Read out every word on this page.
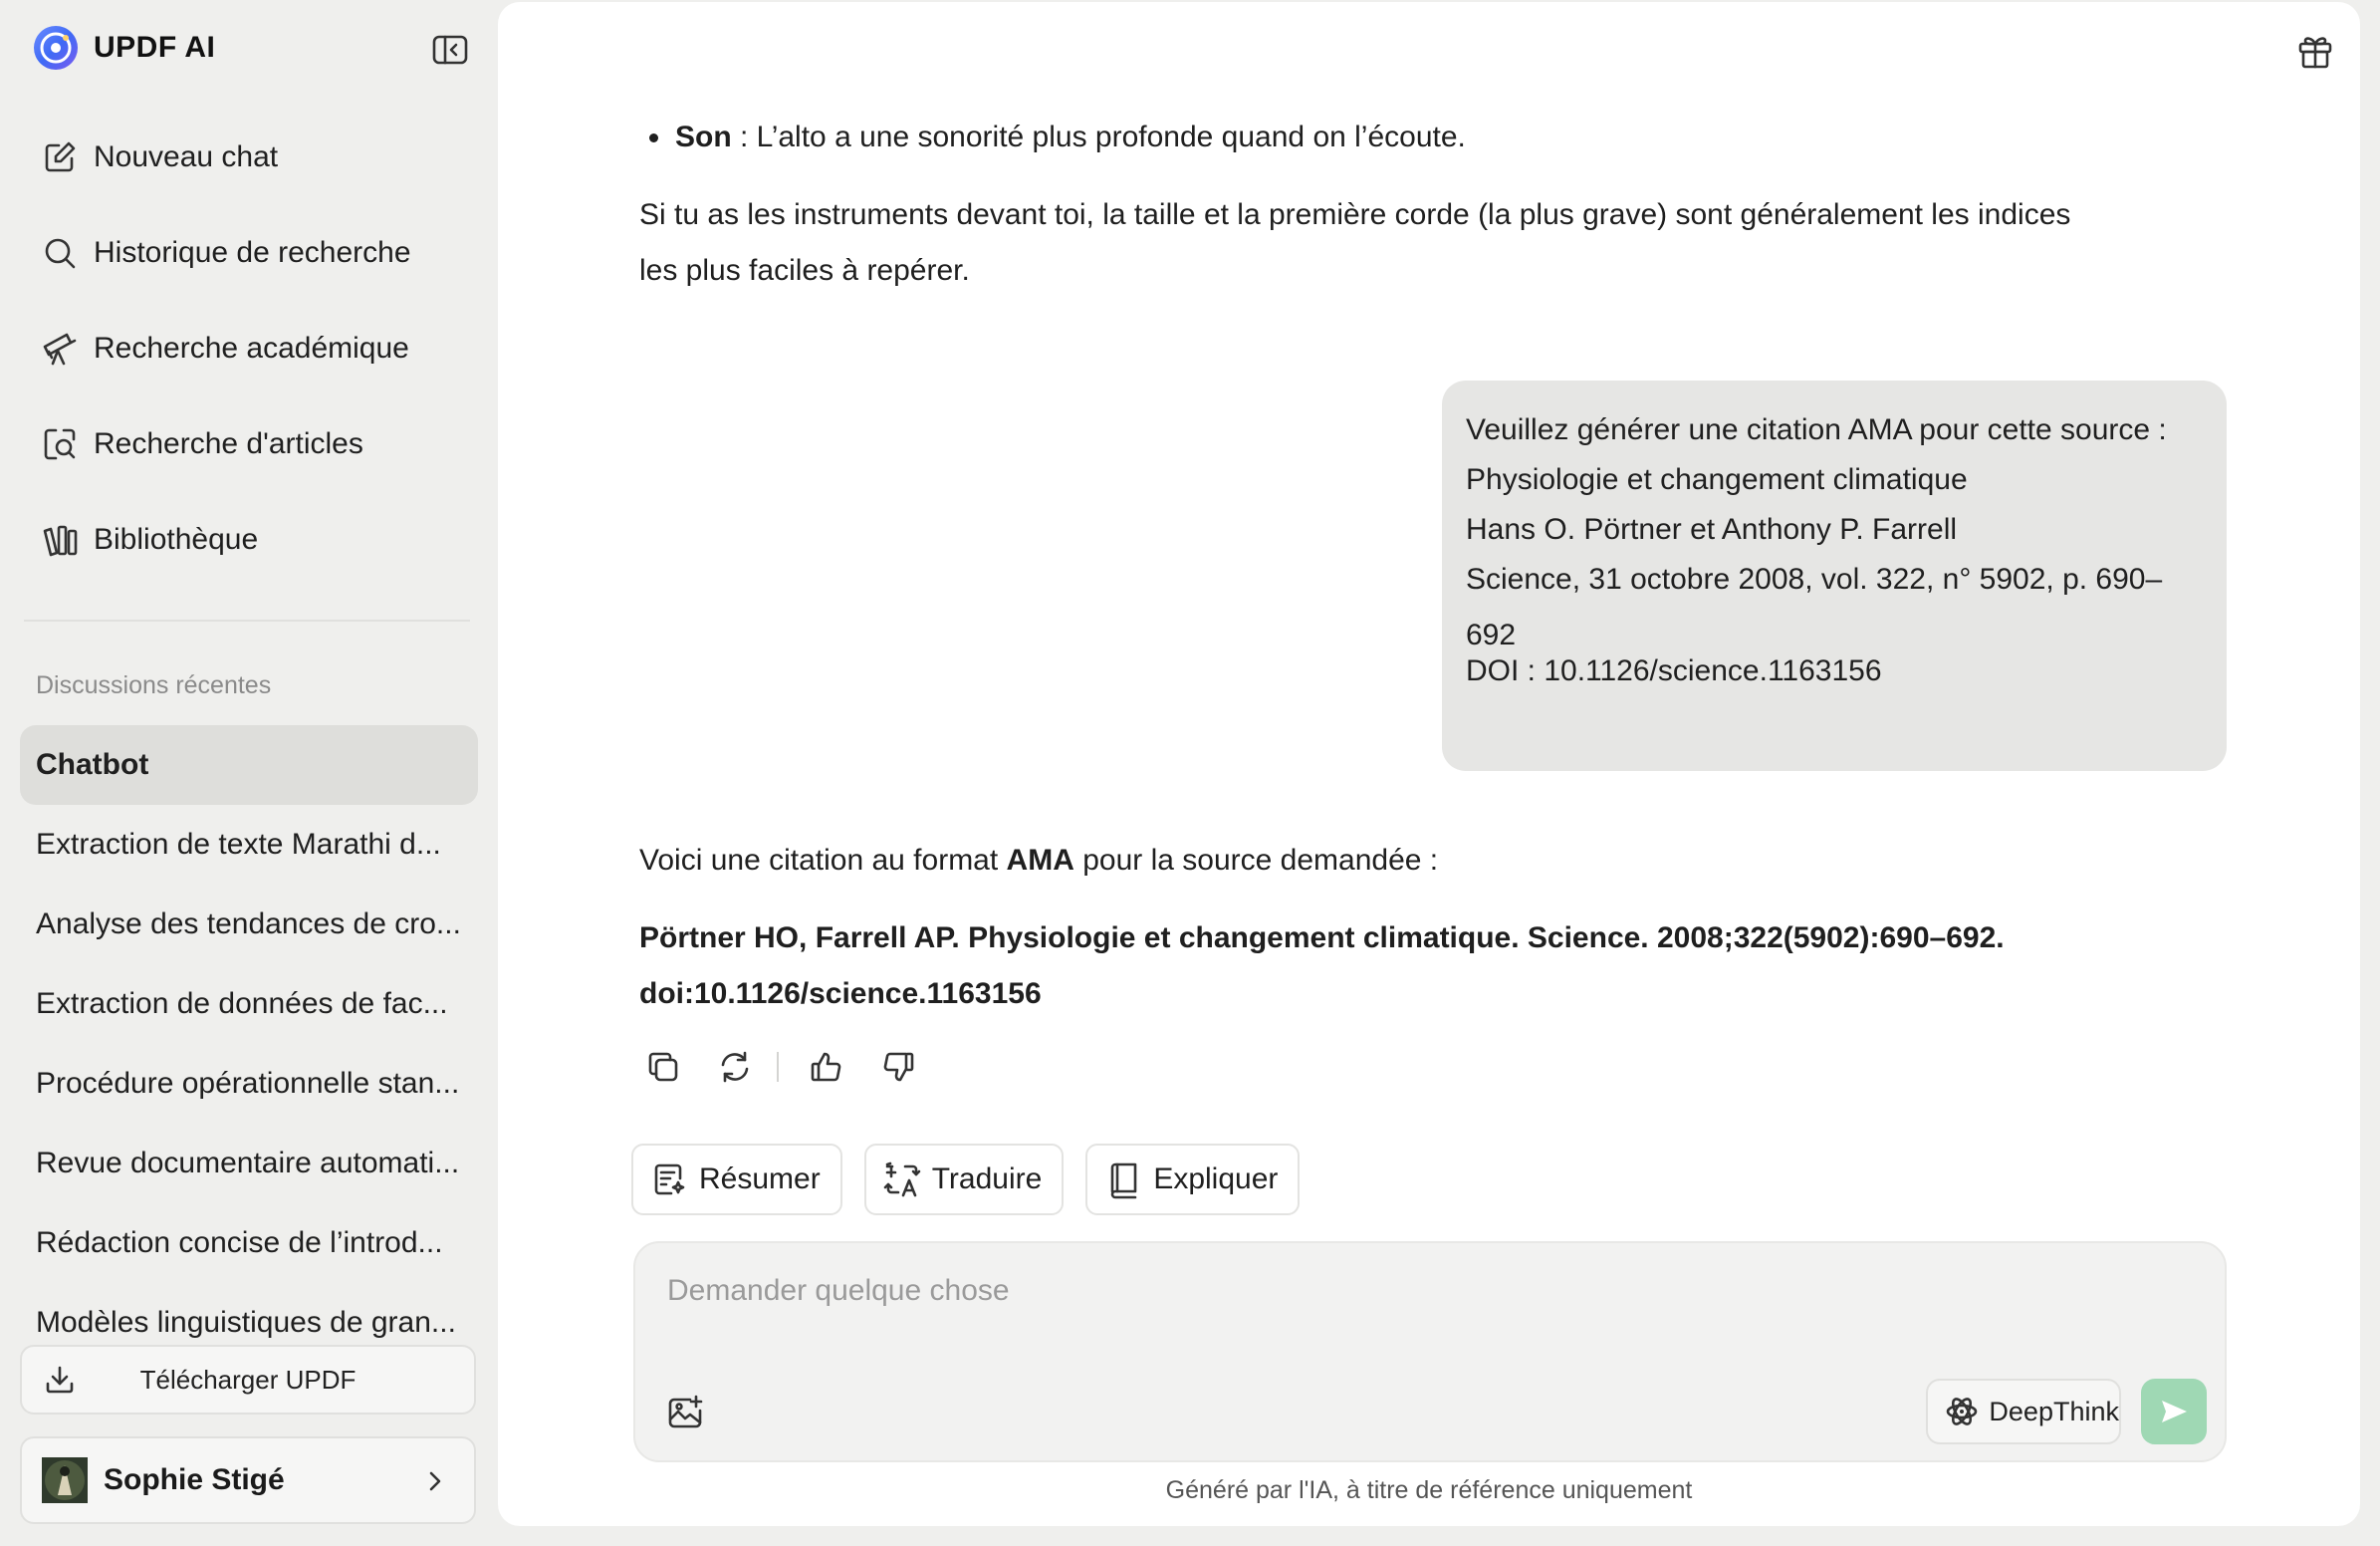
UPDF AI
Nouveau chat
Historique de recherche
Recherche académique
Recherche d'articles
Bibliothèque
Discussions récentes
Chatbot
Extraction de texte Marathi d...
Analyse des tendances de cro...
Extraction de données de fac...
Procédure opérationnelle stan...
Revue documentaire automati...
Rédaction concise de l’introd...
Modèles linguistiques de gran...
Télécharger UPDF
Sophie Stigé
Son : L’alto a une sonorité plus profonde quand on l’écoute.
Si tu as les instruments devant toi, la taille et la première corde (la plus grave) sont généralement les indices les plus faciles à repérer.

Veuillez générer une citation AMA pour cette source :

Physiologie et changement climatique

Hans O. Pörtner et Anthony P. Farrell

Science, 31 octobre 2008, vol. 322, n° 5902, p. 690–692

DOI : 10.1126/science.1163156

Voici une citation au format AMA pour la source demandée :
Pörtner HO, Farrell AP. Physiologie et changement climatique. Science. 2008;322(5902):690–692. doi:10.1126/science.1163156
Résumer	Traduire	Expliquer
Demander quelque chose
DeepThink
Généré par l'IA, à titre de référence uniquement
